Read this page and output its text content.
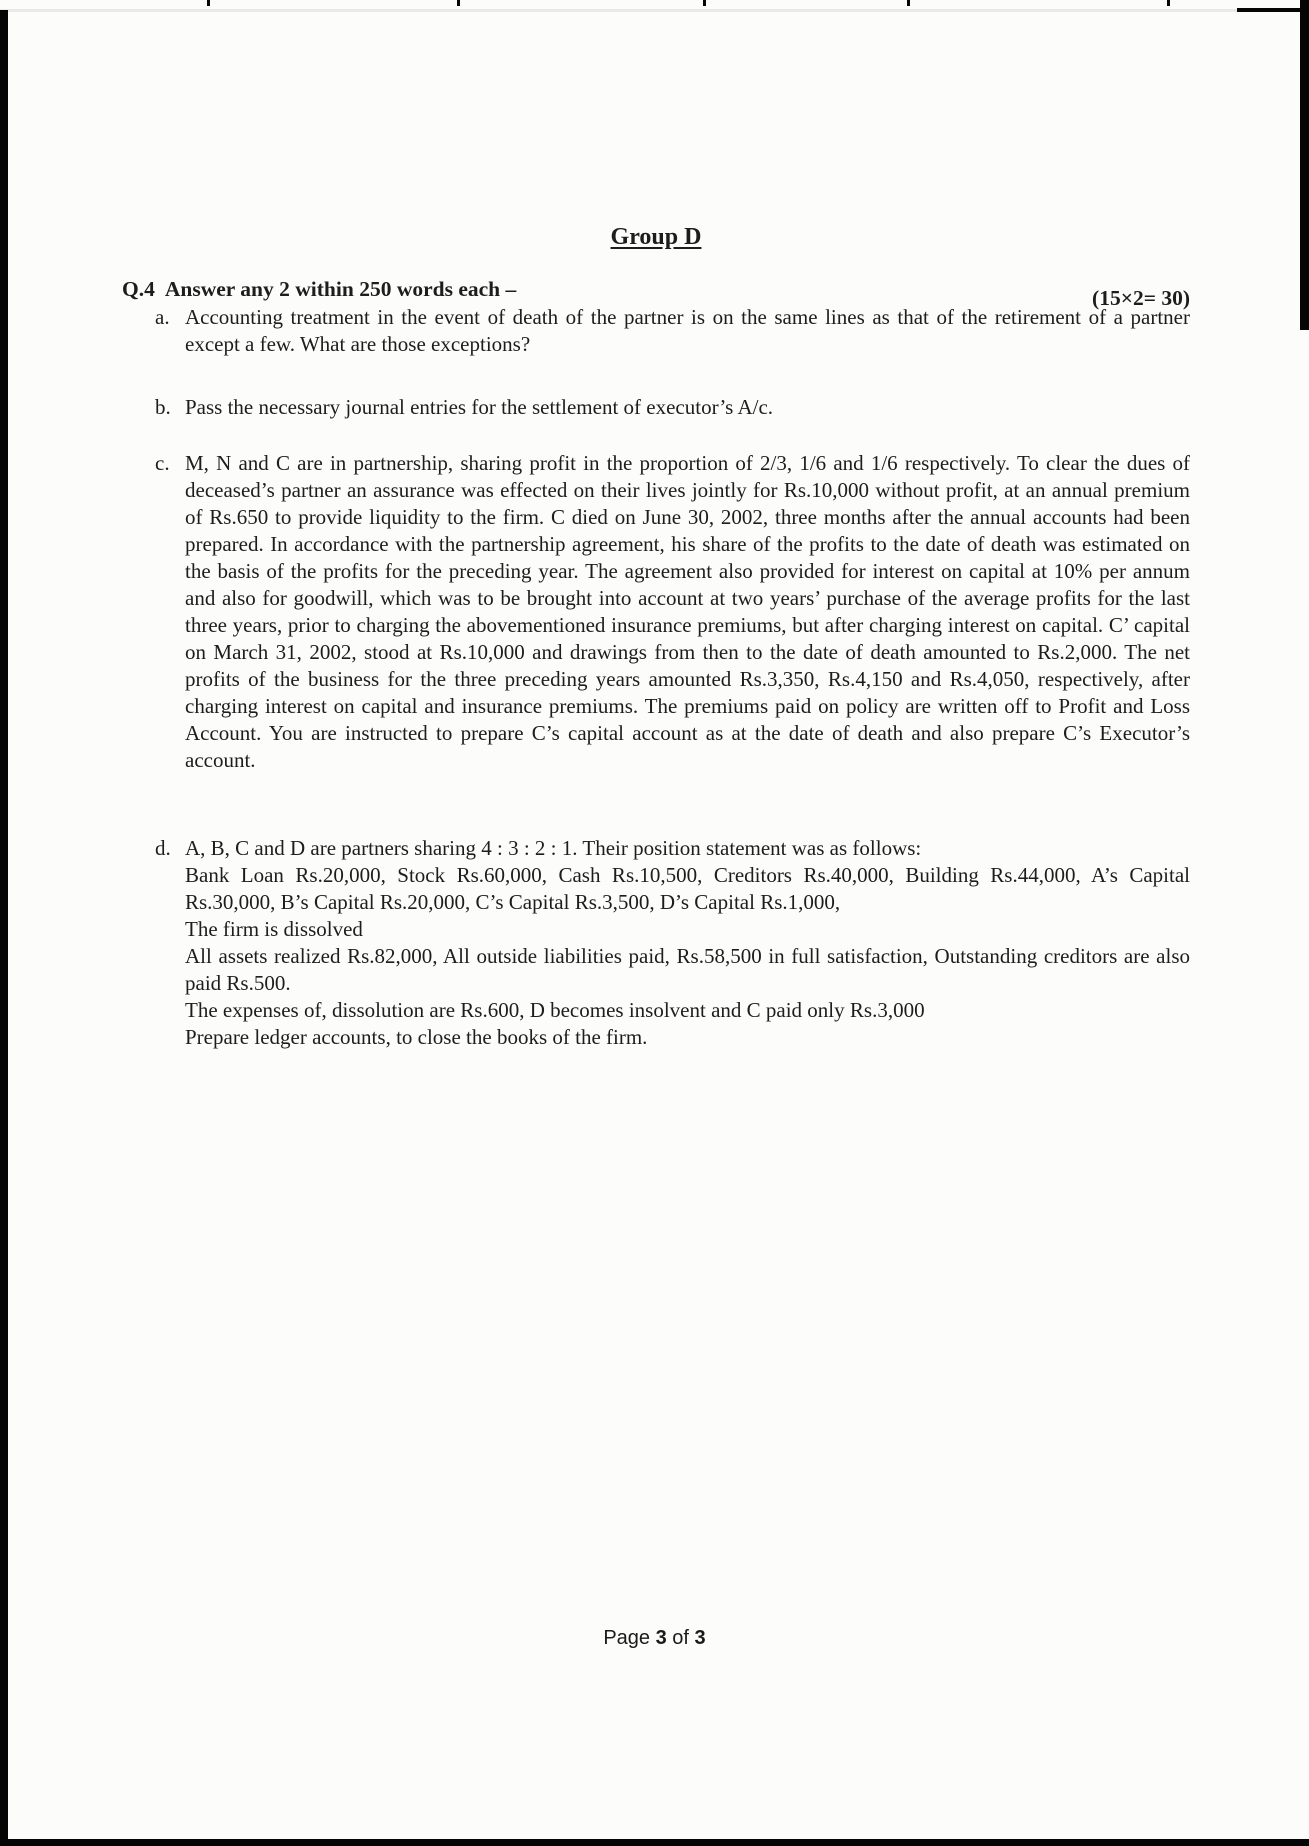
Group D
Q.4 Answer any 2 within 250 words each –	(15×2= 30)
a. Accounting treatment in the event of death of the partner is on the same lines as that of the retirement of a partner except a few. What are those exceptions?

b. Pass the necessary journal entries for the settlement of executor’s A/c.

c. M, N and C are in partnership, sharing profit in the proportion of 2/3, 1/6 and 1/6 respectively. To clear the dues of deceased’s partner an assurance was effected on their lives jointly for Rs.10,000 without profit, at an annual premium of Rs.650 to provide liquidity to the firm. C died on June 30, 2002, three months after the annual accounts had been prepared. In accordance with the partnership agreement, his share of the profits to the date of death was estimated on the basis of the profits for the preceding year. The agreement also provided for interest on capital at 10% per annum and also for goodwill, which was to be brought into account at two years’ purchase of the average profits for the last three years, prior to charging the abovementioned insurance premiums, but after charging interest on capital. C’ capital on March 31, 2002, stood at Rs.10,000 and drawings from then to the date of death amounted to Rs.2,000. The net profits of the business for the three preceding years amounted Rs.3,350, Rs.4,150 and Rs.4,050, respectively, after charging interest on capital and insurance premiums. The premiums paid on policy are written off to Profit and Loss Account. You are instructed to prepare C’s capital account as at the date of death and also prepare C’s Executor’s account.

d. A, B, C and D are partners sharing 4 : 3 : 2 : 1. Their position statement was as follows:

Bank Loan Rs.20,000, Stock Rs.60,000, Cash Rs.10,500, Creditors Rs.40,000, Building Rs.44,000, A’s Capital Rs.30,000, B’s Capital Rs.20,000, C’s Capital Rs.3,500, D’s Capital Rs.1,000,

The firm is dissolved

All assets realized Rs.82,000, All outside liabilities paid, Rs.58,500 in full satisfaction, Outstanding creditors are also paid Rs.500.

The expenses of, dissolution are Rs.600, D becomes insolvent and C paid only Rs.3,000

Prepare ledger accounts, to close the books of the firm.

Page 3 of 3
